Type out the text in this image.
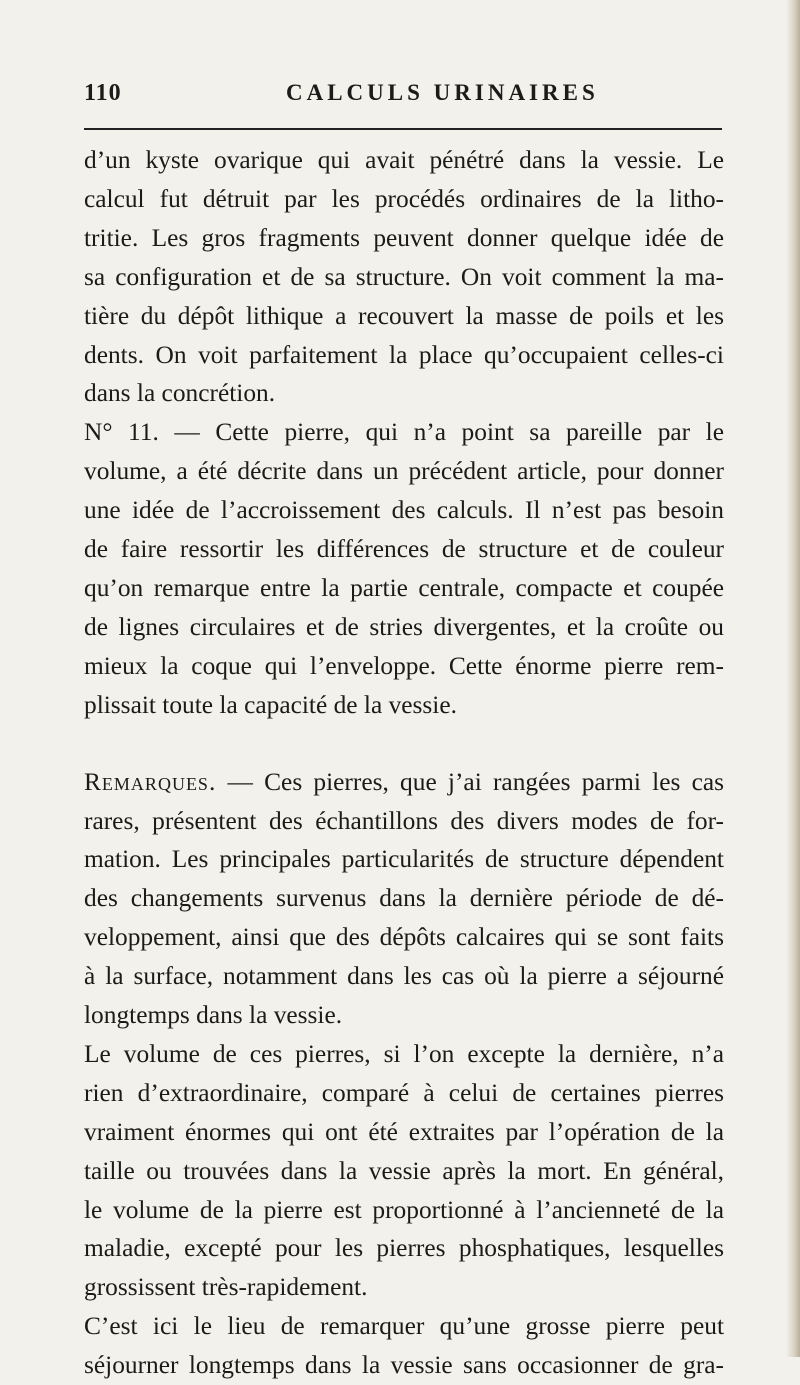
110	CALCULS URINAIRES

d’un kyste ovarique qui avait pénétré dans la vessie. Le
calcul fut détruit par les procédés ordinaires de la litho-
tritie. Les gros fragments peuvent donner quelque idée de
sa configuration et de sa structure. On voit comment la ma-
tière du dépôt lithique a recouvert la masse de poils et les
dents. On voit parfaitement la place qu’occupaient celles-ci
dans la concrétion.

N° 11. — Cette pierre, qui n’a point sa pareille par le
volume, a été décrite dans un précédent article, pour donner
une idée de l’accroissement des calculs. Il n’est pas besoin
de faire ressortir les différences de structure et de couleur
qu’on remarque entre la partie centrale, compacte et coupée
de lignes circulaires et de stries divergentes, et la croûte ou
mieux la coque qui l’enveloppe. Cette énorme pierre rem-
plissait toute la capacité de la vessie.

Remarques. — Ces pierres, que j’ai rangées parmi les cas
rares, présentent des échantillons des divers modes de for-
mation. Les principales particularités de structure dépendent
des changements survenus dans la dernière période de dé-
veloppement, ainsi que des dépôts calcaires qui se sont faits
à la surface, notamment dans les cas où la pierre a séjourné
longtemps dans la vessie.

Le volume de ces pierres, si l’on excepte la dernière, n’a
rien d’extraordinaire, comparé à celui de certaines pierres
vraiment énormes qui ont été extraites par l’opération de la
taille ou trouvées dans la vessie après la mort. En général,
le volume de la pierre est proportionné à l’ancienneté de la
maladie, excepté pour les pierres phosphatiques, lesquelles
grossissent très-rapidement.

C’est ici le lieu de remarquer qu’une grosse pierre peut
séjourner longtemps dans la vessie sans occasionner de gra-
